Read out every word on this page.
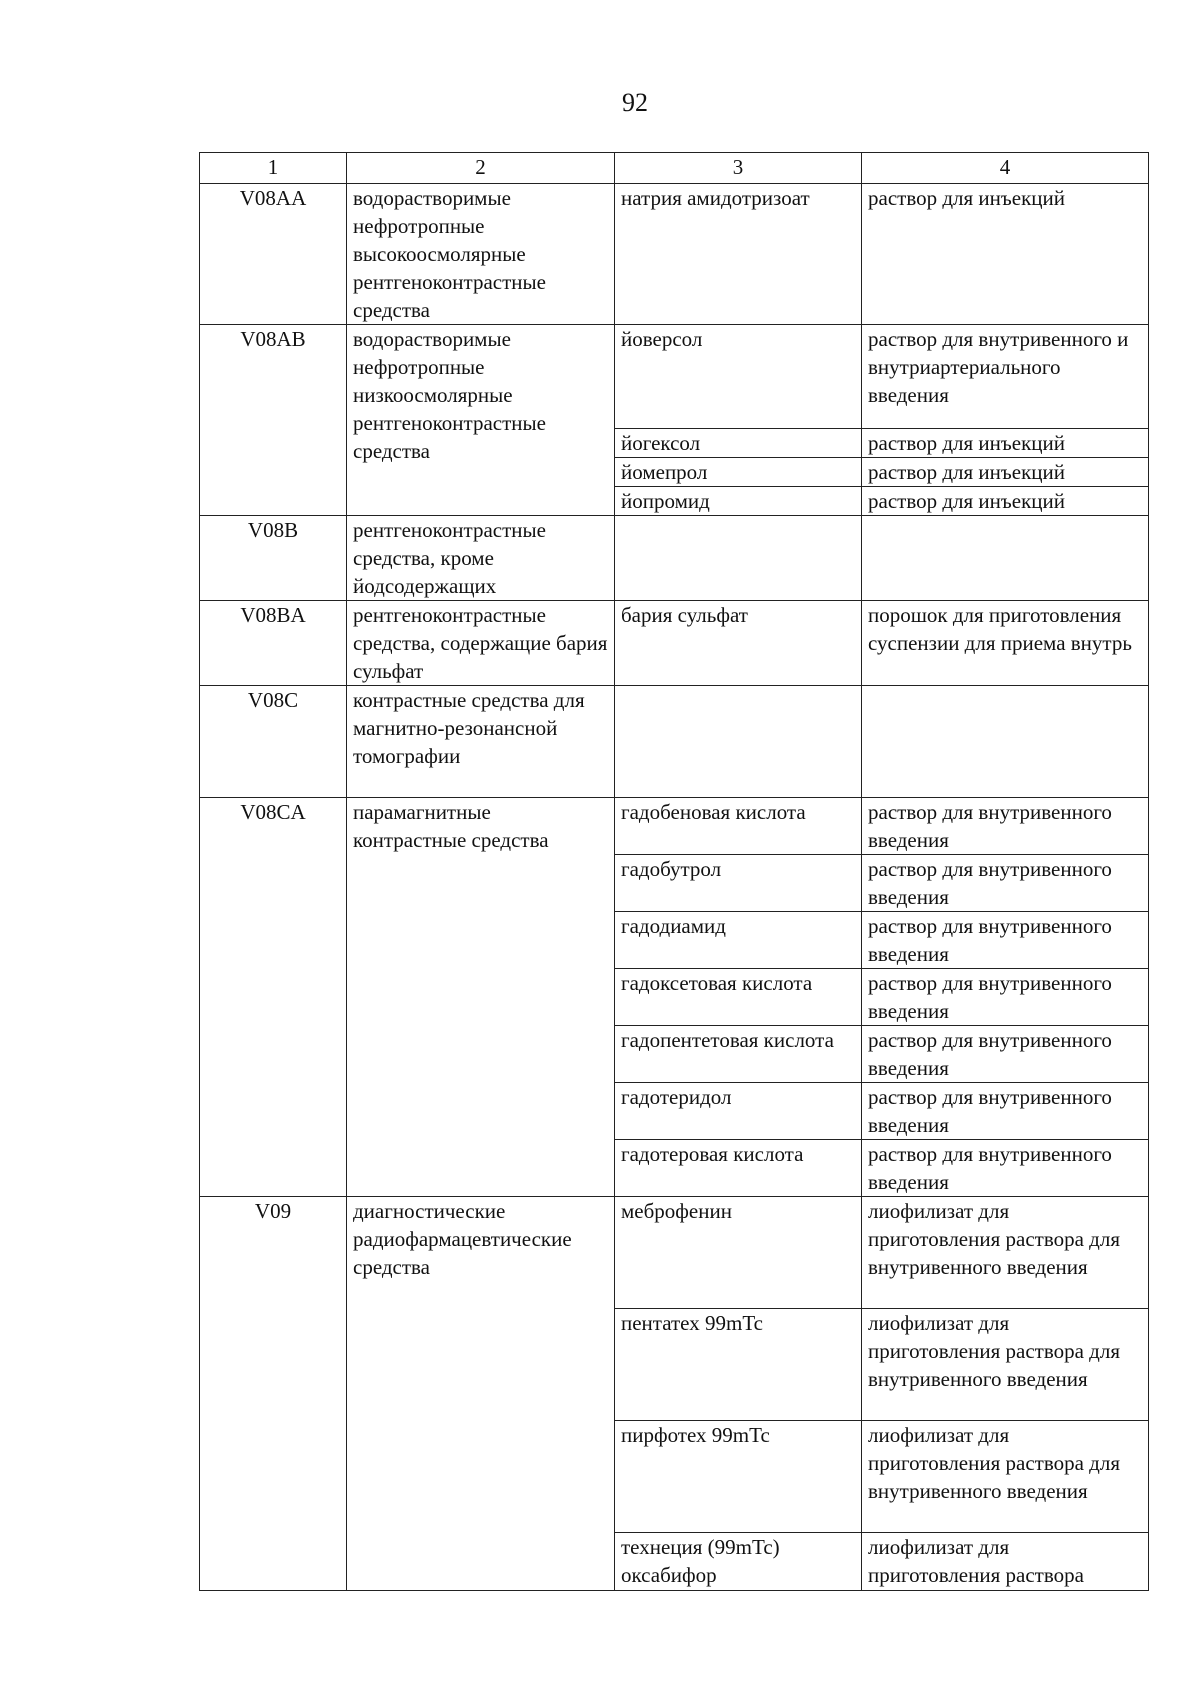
92
1	2	3	4
V08AA	водорастворимые нефротропные высокоосмолярные рентгеноконтрастные средства	натрия амидотризоат	раствор для инъекций
V08AB	водорастворимые нефротропные низкоосмолярные рентгеноконтрастные средства	йоверсол	раствор для внутривенного и внутриартериального введения
		йогексол	раствор для инъекций
		йомепрол	раствор для инъекций
		йопромид	раствор для инъекций
V08B	рентгеноконтрастные средства, кроме йодсодержащих		
V08BA	рентгеноконтрастные средства, содержащие бария сульфат	бария сульфат	порошок для приготовления суспензии для приема внутрь
V08C	контрастные средства для магнитно-резонансной томографии		
V08CA	парамагнитные контрастные средства	гадобеновая кислота	раствор для внутривенного введения
		гадобутрол	раствор для внутривенного введения
		гадодиамид	раствор для внутривенного введения
		гадоксетовая кислота	раствор для внутривенного введения
		гадопентетовая кислота	раствор для внутривенного введения
		гадотеридол	раствор для внутривенного введения
		гадотеровая кислота	раствор для внутривенного введения
V09	диагностические радиофармацевтические средства	меброфенин	лиофилизат для приготовления раствора для внутривенного введения
		пентатех 99mTc	лиофилизат для приготовления раствора для внутривенного введения
		пирфотех 99mTc	лиофилизат для приготовления раствора для внутривенного введения
		технеция (99mTc) оксабифор	лиофилизат для приготовления раствора
